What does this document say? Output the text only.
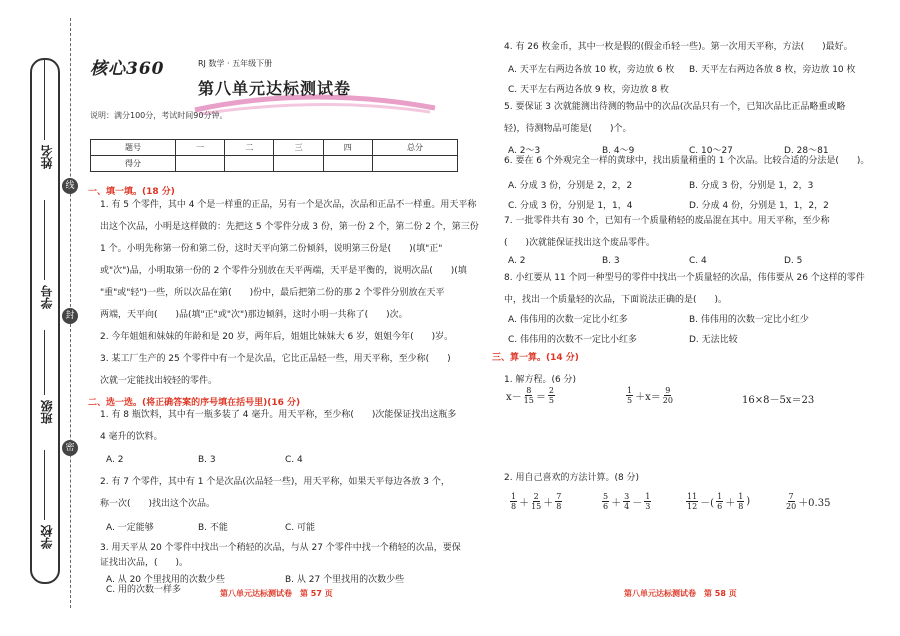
姓名
学号
班级
学校
线
封
密
核心360	RJ 数学 · 五年级下册
第八单元达标测试卷
说明：满分100分，考试时间90分钟。
题号	一	二	三	四	总分
得分					
一、填一填。(18 分)
1. 有 5 个零件，其中 4 个是一样重的正品，另有一个是次品，次品和正品不一样重。用天平称
出这个次品，小明是这样做的：先把这 5 个零件分成 3 份，第一份 2 个，第二份 2 个，第三份
1 个。小明先称第一份和第二份，这时天平向第二份倾斜，说明第三份是(　　)(填"正"
或"次")品，小明取第一份的 2 个零件分别放在天平两端，天平是平衡的，说明次品(　　)(填
"重"或"轻")一些，所以次品在第(　　)份中，最后把第二份的那 2 个零件分别放在天平
两端，天平向(　　)品(填"正"或"次")那边倾斜，这时小明一共称了(　　)次。
2. 今年姐姐和妹妹的年龄和是 20 岁，两年后，姐姐比妹妹大 6 岁，姐姐今年(　　)岁。
3. 某工厂生产的 25 个零件中有一个是次品，它比正品轻一些，用天平称，至少称(　　)
次就一定能找出较轻的零件。
二、选一选。(将正确答案的序号填在括号里)(16 分)
1. 有 8 瓶饮料，其中有一瓶多装了 4 毫升。用天平称，至少称(　　)次能保证找出这瓶多
4 毫升的饮料。
A. 2	B. 3	C. 4
2. 有 7 个零件，其中有 1 个是次品(次品轻一些)，用天平称，如果天平每边各放 3 个，
称一次(　　)找出这个次品。
A. 一定能够	B. 不能	C. 可能
3. 用天平从 20 个零件中找出一个稍轻的次品，与从 27 个零件中找一个稍轻的次品，要保
证找出次品，(　　)。
A. 从 20 个里找用的次数少些	B. 从 27 个里找用的次数少些
第八单元达标测试卷　第 57 页
C. 用的次数一样多
4. 有 26 枚金币，其中一枚是假的(假金币轻一些)。第一次用天平称，方法(　　)最好。
A. 天平左右两边各放 10 枚，旁边放 6 枚 B. 天平左右两边各放 8 枚，旁边放 10 枚
C. 天平左右两边各放 9 枚，旁边放 8 枚
5. 要保证 3 次就能测出待测的物品中的次品(次品只有一个，已知次品比正品略重或略
轻)，待测物品可能是(　　)个。
A. 2～3	B. 4～9	C. 10～27	D. 28～81
6. 要在 6 个外观完全一样的黄球中，找出质量稍重的 1 个次品。比较合适的分法是(　　)。
A. 分成 3 份，分别是 2，2，2	B. 分成 3 份，分别是 1，2，3
C. 分成 3 份，分别是 1，1，4	D. 分成 4 份，分别是 1，1，2，2
7. 一批零件共有 30 个，已知有一个质量稍轻的废品混在其中。用天平称，至少称
(　　)次就能保证找出这个废品零件。
A. 2	B. 3	C. 4	D. 5
8. 小红要从 11 个同一种型号的零件中找出一个质量轻的次品，伟伟要从 26 个这样的零件
中，找出一个质量轻的次品，下面说法正确的是(　　)。
A. 伟伟用的次数一定比小红多	B. 伟伟用的次数一定比小红少
C. 伟伟用的次数不一定比小红多	D. 无法比较
三、算一算。(14 分)
1. 解方程。(6 分)
$x- \frac{8}{15} = \frac{2}{5}$	$\frac{1}{5} +x= \frac{9}{20}$	16×8－5x＝23
2. 用自己喜欢的方法计算。(8 分)
$\frac{1}{8} + \frac{2}{15} + \frac{7}{8}$	$\frac{5}{6} + \frac{3}{4} - \frac{1}{3}$	$\frac{11}{12}$ －( $\frac{1}{6} + \frac{1}{8}$ )	$\frac{7}{20} +0.35$
第八单元达标测试卷　第 58 页
